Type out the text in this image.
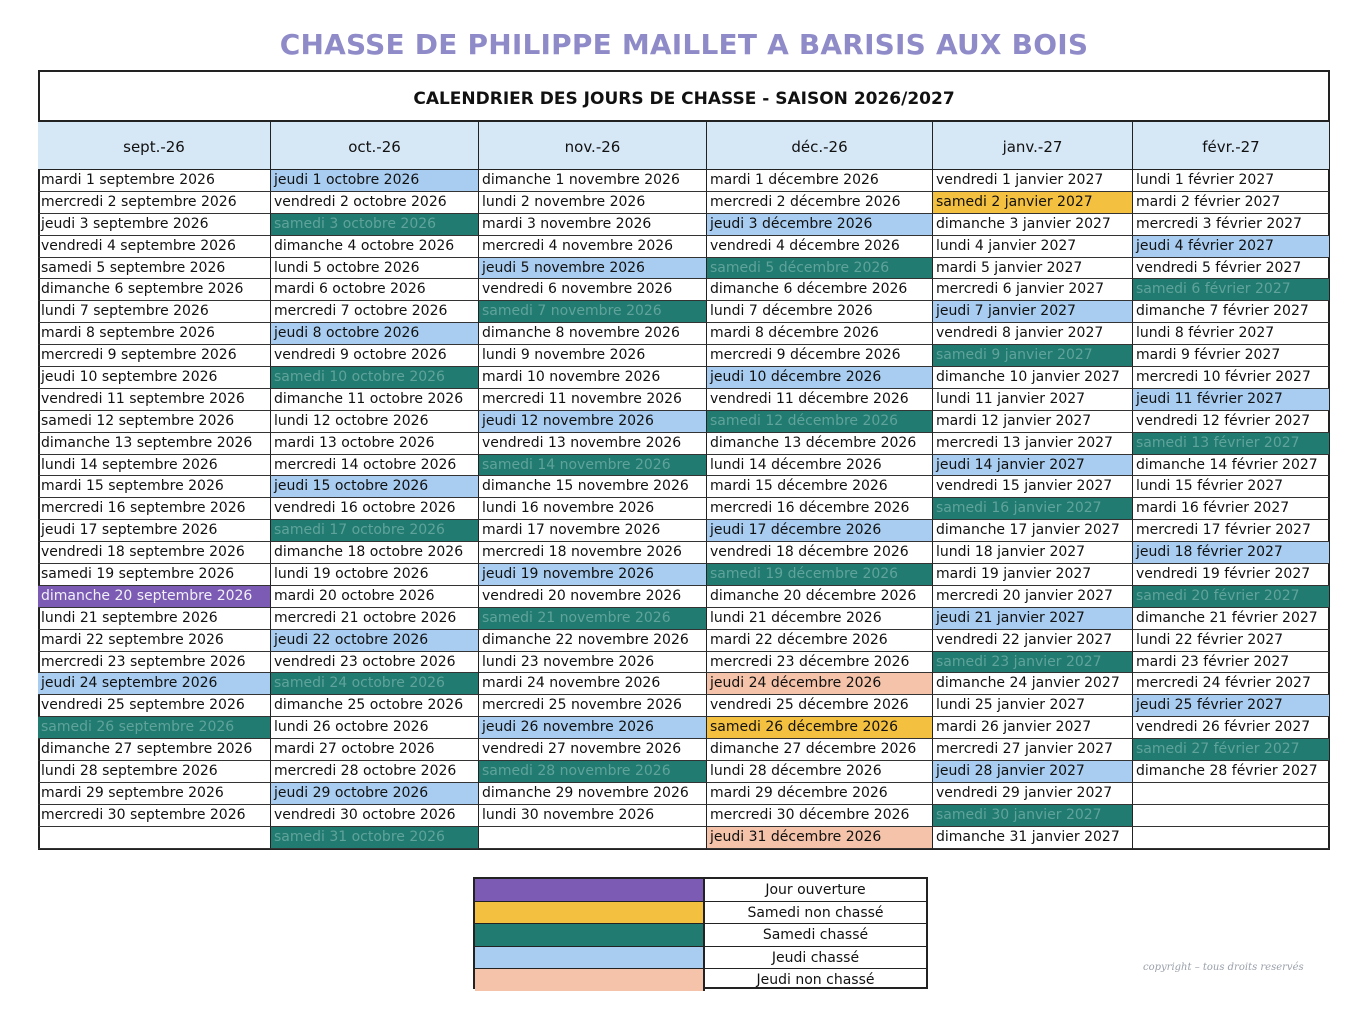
CHASSE DE PHILIPPE MAILLET A BARISIS AUX BOIS
CALENDRIER DES JOURS DE CHASSE - SAISON 2026/2027
sept.-26
mardi 1 septembre 2026
mercredi 2 septembre 2026
jeudi 3 septembre 2026
vendredi 4 septembre 2026
samedi 5 septembre 2026
dimanche 6 septembre 2026
lundi 7 septembre 2026
mardi 8 septembre 2026
mercredi 9 septembre 2026
jeudi 10 septembre 2026
vendredi 11 septembre 2026
samedi 12 septembre 2026
dimanche 13 septembre 2026
lundi 14 septembre 2026
mardi 15 septembre 2026
mercredi 16 septembre 2026
jeudi 17 septembre 2026
vendredi 18 septembre 2026
samedi 19 septembre 2026
dimanche 20 septembre 2026
lundi 21 septembre 2026
mardi 22 septembre 2026
mercredi 23 septembre 2026
jeudi 24 septembre 2026
vendredi 25 septembre 2026
samedi 26 septembre 2026
dimanche 27 septembre 2026
lundi 28 septembre 2026
mardi 29 septembre 2026
mercredi 30 septembre 2026
oct.-26
jeudi 1 octobre 2026
vendredi 2 octobre 2026
samedi 3 octobre 2026
dimanche 4 octobre 2026
lundi 5 octobre 2026
mardi 6 octobre 2026
mercredi 7 octobre 2026
jeudi 8 octobre 2026
vendredi 9 octobre 2026
samedi 10 octobre 2026
dimanche 11 octobre 2026
lundi 12 octobre 2026
mardi 13 octobre 2026
mercredi 14 octobre 2026
jeudi 15 octobre 2026
vendredi 16 octobre 2026
samedi 17 octobre 2026
dimanche 18 octobre 2026
lundi 19 octobre 2026
mardi 20 octobre 2026
mercredi 21 octobre 2026
jeudi 22 octobre 2026
vendredi 23 octobre 2026
samedi 24 octobre 2026
dimanche 25 octobre 2026
lundi 26 octobre 2026
mardi 27 octobre 2026
mercredi 28 octobre 2026
jeudi 29 octobre 2026
vendredi 30 octobre 2026
samedi 31 octobre 2026
nov.-26
dimanche 1 novembre 2026
lundi 2 novembre 2026
mardi 3 novembre 2026
mercredi 4 novembre 2026
jeudi 5 novembre 2026
vendredi 6 novembre 2026
samedi 7 novembre 2026
dimanche 8 novembre 2026
lundi 9 novembre 2026
mardi 10 novembre 2026
mercredi 11 novembre 2026
jeudi 12 novembre 2026
vendredi 13 novembre 2026
samedi 14 novembre 2026
dimanche 15 novembre 2026
lundi 16 novembre 2026
mardi 17 novembre 2026
mercredi 18 novembre 2026
jeudi 19 novembre 2026
vendredi 20 novembre 2026
samedi 21 novembre 2026
dimanche 22 novembre 2026
lundi 23 novembre 2026
mardi 24 novembre 2026
mercredi 25 novembre 2026
jeudi 26 novembre 2026
vendredi 27 novembre 2026
samedi 28 novembre 2026
dimanche 29 novembre 2026
lundi 30 novembre 2026
déc.-26
mardi 1 décembre 2026
mercredi 2 décembre 2026
jeudi 3 décembre 2026
vendredi 4 décembre 2026
samedi 5 décembre 2026
dimanche 6 décembre 2026
lundi 7 décembre 2026
mardi 8 décembre 2026
mercredi 9 décembre 2026
jeudi 10 décembre 2026
vendredi 11 décembre 2026
samedi 12 décembre 2026
dimanche 13 décembre 2026
lundi 14 décembre 2026
mardi 15 décembre 2026
mercredi 16 décembre 2026
jeudi 17 décembre 2026
vendredi 18 décembre 2026
samedi 19 décembre 2026
dimanche 20 décembre 2026
lundi 21 décembre 2026
mardi 22 décembre 2026
mercredi 23 décembre 2026
jeudi 24 décembre 2026
vendredi 25 décembre 2026
samedi 26 décembre 2026
dimanche 27 décembre 2026
lundi 28 décembre 2026
mardi 29 décembre 2026
mercredi 30 décembre 2026
jeudi 31 décembre 2026
janv.-27
vendredi 1 janvier 2027
samedi 2 janvier 2027
dimanche 3 janvier 2027
lundi 4 janvier 2027
mardi 5 janvier 2027
mercredi 6 janvier 2027
jeudi 7 janvier 2027
vendredi 8 janvier 2027
samedi 9 janvier 2027
dimanche 10 janvier 2027
lundi 11 janvier 2027
mardi 12 janvier 2027
mercredi 13 janvier 2027
jeudi 14 janvier 2027
vendredi 15 janvier 2027
samedi 16 janvier 2027
dimanche 17 janvier 2027
lundi 18 janvier 2027
mardi 19 janvier 2027
mercredi 20 janvier 2027
jeudi 21 janvier 2027
vendredi 22 janvier 2027
samedi 23 janvier 2027
dimanche 24 janvier 2027
lundi 25 janvier 2027
mardi 26 janvier 2027
mercredi 27 janvier 2027
jeudi 28 janvier 2027
vendredi 29 janvier 2027
samedi 30 janvier 2027
dimanche 31 janvier 2027
févr.-27
lundi 1 février 2027
mardi 2 février 2027
mercredi 3 février 2027
jeudi 4 février 2027
vendredi 5 février 2027
samedi 6 février 2027
dimanche 7 février 2027
lundi 8 février 2027
mardi 9 février 2027
mercredi 10 février 2027
jeudi 11 février 2027
vendredi 12 février 2027
samedi 13 février 2027
dimanche 14 février 2027
lundi 15 février 2027
mardi 16 février 2027
mercredi 17 février 2027
jeudi 18 février 2027
vendredi 19 février 2027
samedi 20 février 2027
dimanche 21 février 2027
lundi 22 février 2027
mardi 23 février 2027
mercredi 24 février 2027
jeudi 25 février 2027
vendredi 26 février 2027
samedi 27 février 2027
dimanche 28 février 2027
Jour ouverture
Samedi non chassé
Samedi chassé
Jeudi chassé
Jeudi non chassé
copyright – tous droits reservés
